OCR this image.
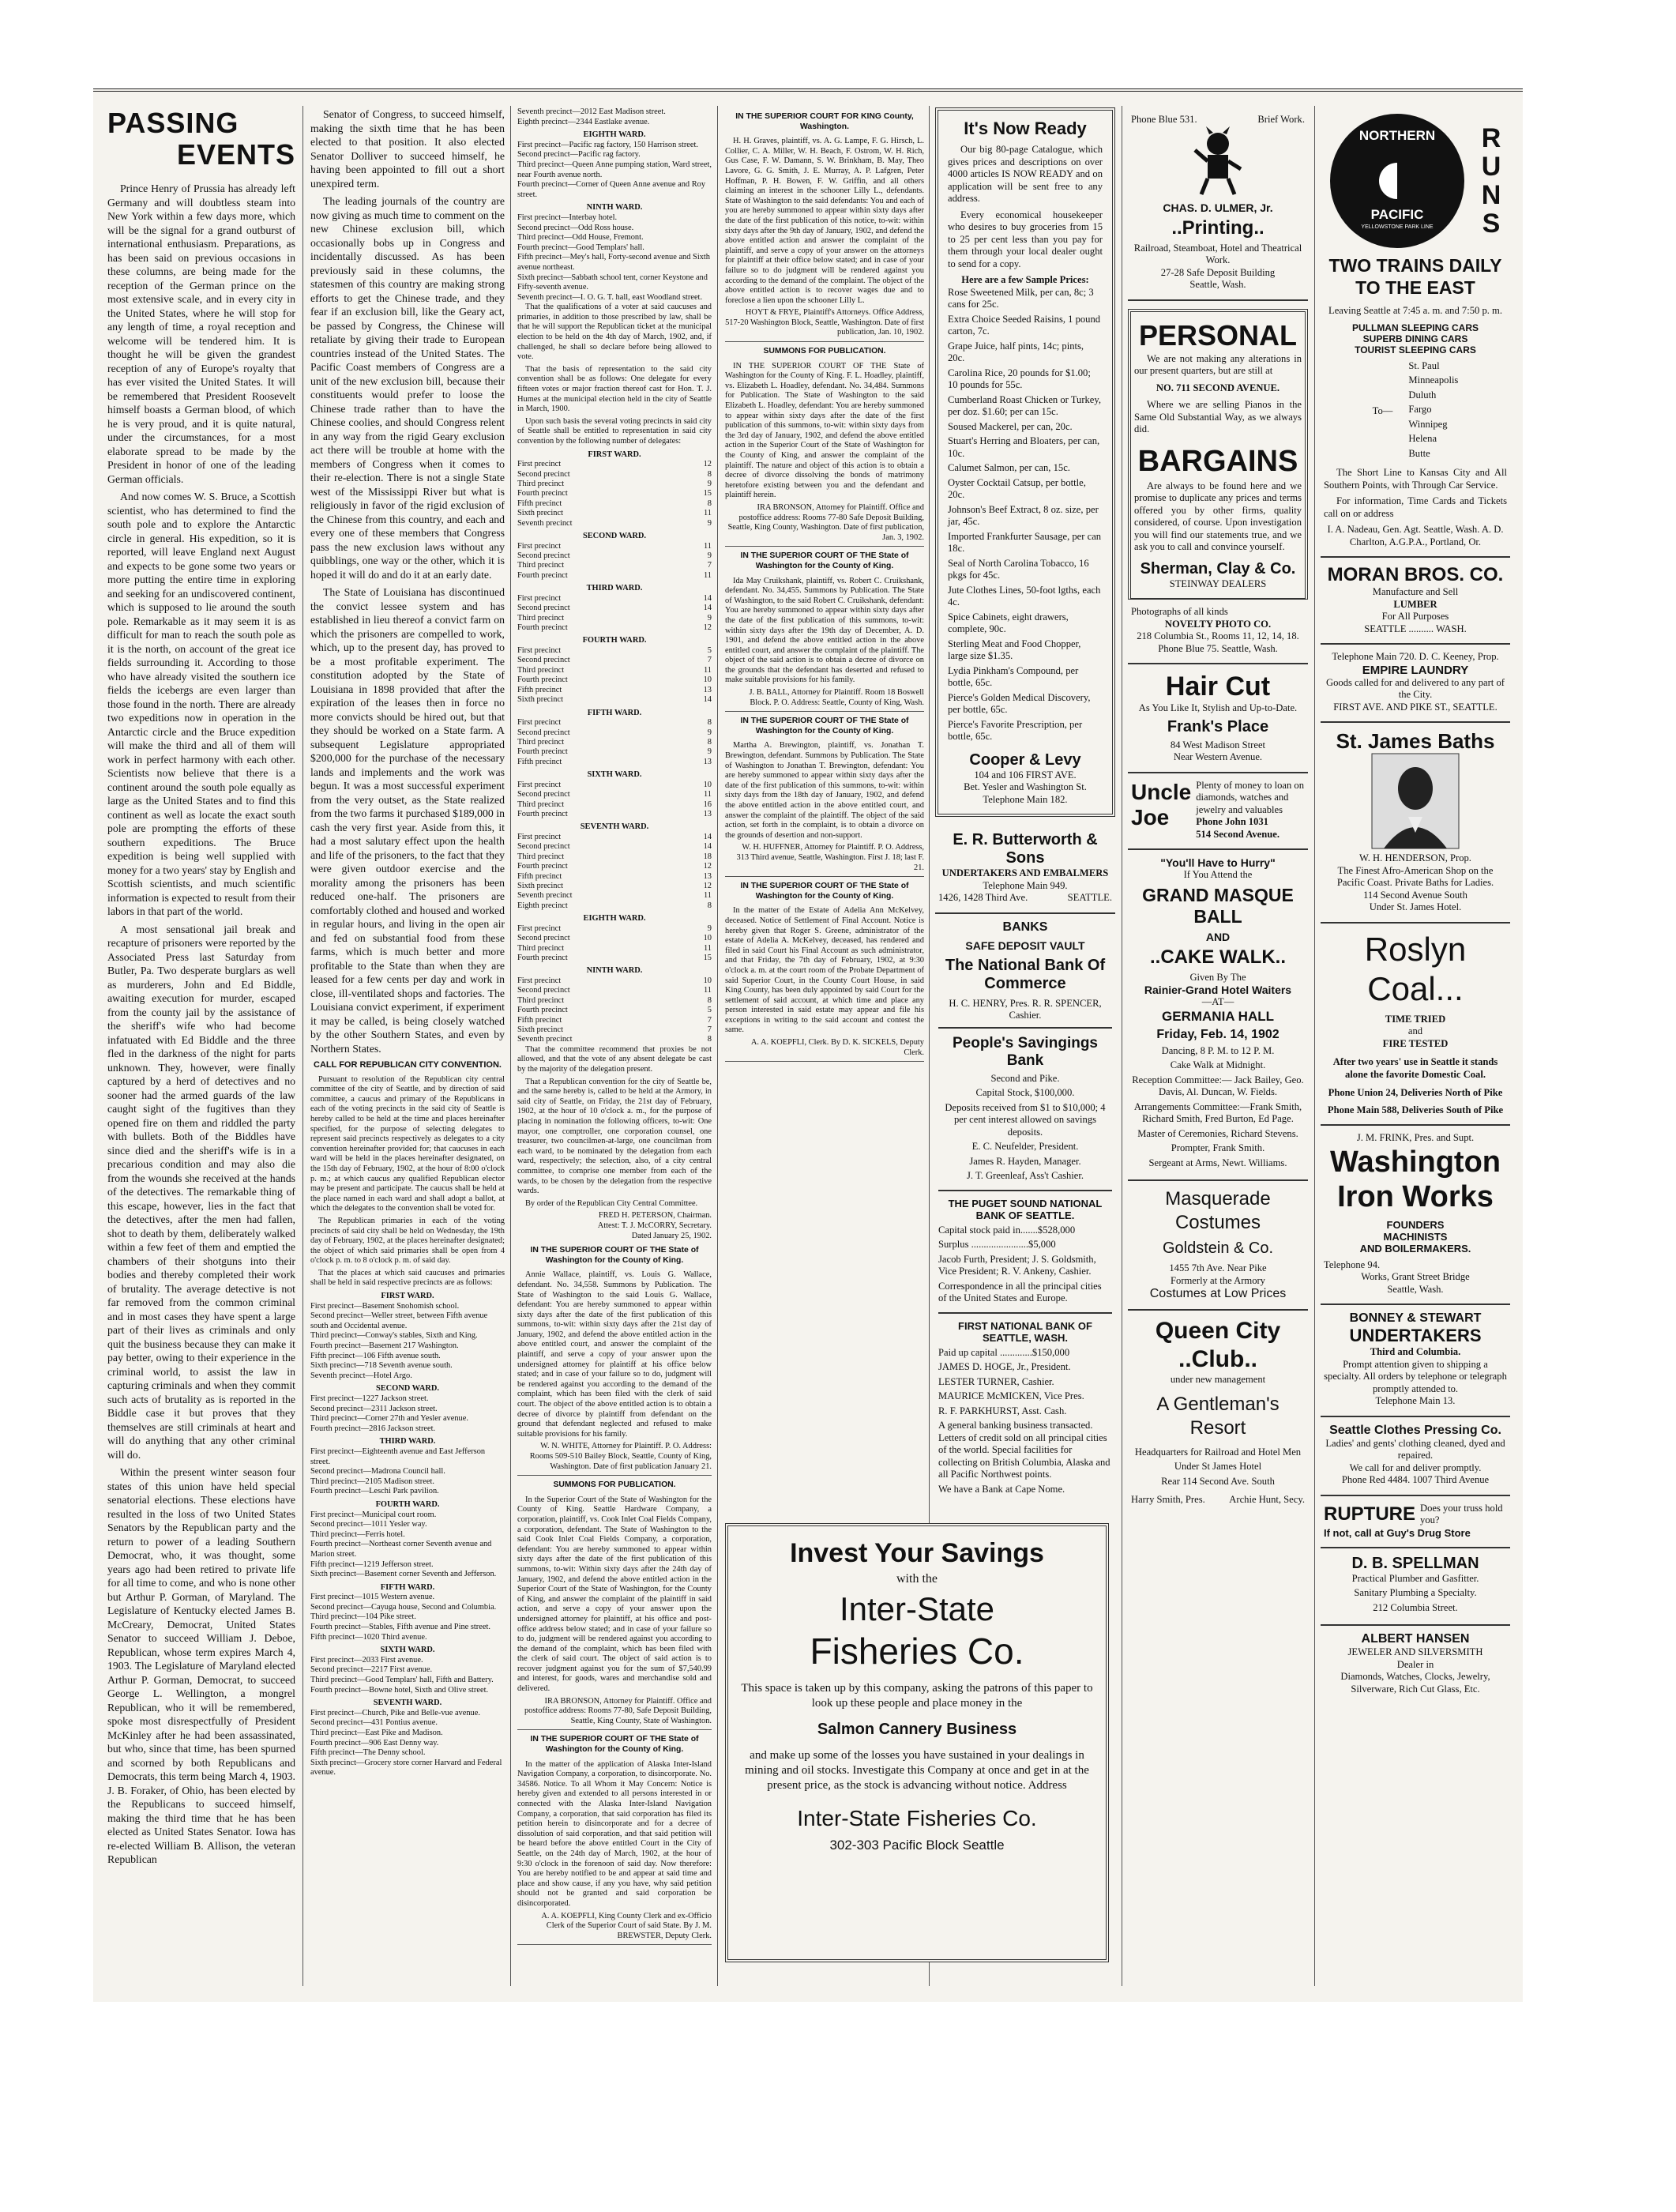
PASSING
EVENTS

Prince Henry of Prussia has already left Germany and will doubtless steam into New York within a few days more, which will be the signal for a grand outburst of international enthusiasm. Preparations, as has been said on previous occasions in these columns, are being made for the reception of the German prince on the most extensive scale, and in every city in the United States, where he will stop for any length of time, a royal reception and welcome will be tendered him. It is thought he will be given the grandest reception of any of Europe's royalty that has ever visited the United States. It will be remembered that President Roosevelt himself boasts a German blood, of which he is very proud, and it is quite natural, under the circumstances, for a most elaborate spread to be made by the President in honor of one of the leading German officials.

And now comes W. S. Bruce, a Scottish scientist, who has determined to find the south pole and to explore the Antarctic circle in general. His expedition, so it is reported, will leave England next August and expects to be gone some two years or more putting the entire time in exploring and seeking for an undiscovered continent, which is supposed to lie around the south pole. Remarkable as it may seem it is as difficult for man to reach the south pole as it is the north, on account of the great ice fields surrounding it. According to those who have already visited the southern ice fields the icebergs are even larger than those found in the north. There are already two expeditions now in operation in the Antarctic circle and the Bruce expedition will make the third and all of them will work in perfect harmony with each other. Scientists now believe that there is a continent around the south pole equally as large as the United States and to find this continent as well as locate the exact south pole are prompting the efforts of these southern expeditions. The Bruce expedition is being well supplied with money for a two years' stay by English and Scottish scientists, and much scientific information is expected to result from their labors in that part of the world.

A most sensational jail break and recapture of prisoners were reported by the Associated Press last Saturday from Butler, Pa. Two desperate burglars as well as murderers, John and Ed Biddle, awaiting execution for murder, escaped from the county jail by the assistance of the sheriff's wife who had become infatuated with Ed Biddle and the three fled in the darkness of the night for parts unknown. They, however, were finally captured by a herd of detectives and no sooner had the armed guards of the law caught sight of the fugitives than they opened fire on them and riddled the party with bullets. Both of the Biddles have since died and the sheriff's wife is in a precarious condition and may also die from the wounds she received at the hands of the detectives. The remarkable thing of this escape, however, lies in the fact that the detectives, after the men had fallen, shot to death by them, deliberately walked within a few feet of them and emptied the chambers of their shotguns into their bodies and thereby completed their work of brutality. The average detective is not far removed from the common criminal and in most cases they have spent a large part of their lives as criminals and only quit the business because they can make it pay better, owing to their experience in the criminal world, to assist the law in capturing criminals and when they commit such acts of brutality as is reported in the Biddle case it but proves that they themselves are still criminals at heart and will do anything that any other criminal will do.

Within the present winter season four states of this union have held special senatorial elections. These elections have resulted in the loss of two United States Senators by the Republican party and the return to power of a leading Southern Democrat, who, it was thought, some years ago had been retired to private life for all time to come, and who is none other but Arthur P. Gorman, of Maryland. The Legislature of Kentucky elected James B. McCreary, Democrat, United States Senator to succeed William J. Deboe, Republican, whose term expires March 4, 1903. The Legislature of Maryland elected Arthur P. Gorman, Democrat, to succeed George L. Wellington, a mongrel Republican, who it will be remembered, spoke most disrespectfully of President McKinley after he had been assassinated, but who, since that time, has been spurned and scorned by both Republicans and Democrats, this term being March 4, 1903. J. B. Foraker, of Ohio, has been elected by the Republicans to succeed himself, making the third time that he has been elected as United States Senator. Iowa has re-elected William B. Allison, the veteran Republican

Senator of Congress, to succeed himself, making the sixth time that he has been elected to that position. It also elected Senator Dolliver to succeed himself, he having been appointed to fill out a short unexpired term.

The leading journals of the country are now giving as much time to comment on the new Chinese exclusion bill, which occasionally bobs up in Congress and incidentally discussed. As has been previously said in these columns, the statesmen of this country are making strong efforts to get the Chinese trade, and they fear if an exclusion bill, like the Geary act, be passed by Congress, the Chinese will retaliate by giving their trade to European countries instead of the United States. The Pacific Coast members of Congress are a unit of the new exclusion bill, because their constituents would prefer to loose the Chinese trade rather than to have the Chinese coolies, and should Congress relent in any way from the rigid Geary exclusion act there will be trouble at home with the members of Congress when it comes to their re-election. There is not a single State west of the Mississippi River but what is religiously in favor of the rigid exclusion of the Chinese from this country, and each and every one of these members that Congress pass the new exclusion laws without any quibblings, one way or the other, which it is hoped it will do and do it at an early date.

The State of Louisiana has discontinued the convict lessee system and has established in lieu thereof a convict farm on which the prisoners are compelled to work, which, up to the present day, has proved to be a most profitable experiment. The constitution adopted by the State of Louisiana in 1898 provided that after the expiration of the leases then in force no more convicts should be hired out, but that they should be worked on a State farm. A subsequent Legislature appropriated $200,000 for the purchase of the necessary lands and implements and the work was begun. It was a most successful experiment from the very outset, as the State realized from the two farms it purchased $189,000 in cash the very first year. Aside from this, it had a most salutary effect upon the health and life of the prisoners, to the fact that they were given outdoor exercise and the morality among the prisoners has been reduced one-half. The prisoners are comfortably clothed and housed and worked in regular hours, and living in the open air and fed on substantial food from these farms, which is much better and more profitable to the State than when they are leased for a few cents per day and work in close, ill-ventilated shops and factories. The Louisiana convict experiment, if experiment it may be called, is being closely watched by the other Southern States, and even by Northern States.

CALL FOR REPUBLICAN CITY CONVENTION.

Pursuant to resolution of the Republican city central committee of the city of Seattle, and by direction of said committee, a caucus and primary of the Republicans in each of the voting precincts in the said city of Seattle is hereby called to be held at the time and places hereinafter specified, for the purpose of selecting delegates to represent said precincts respectively as delegates to a city convention hereinafter provided for; that caucuses in each ward will be held in the places hereinafter designated, on the 15th day of February, 1902, at the hour of 8:00 o'clock p. m.; at which caucus any qualified Republican elector may be present and participate. The caucus shall be held at the place named in each ward and shall adopt a ballot, at which the delegates to the convention shall be voted for.

The Republican primaries in each of the voting precincts of said city shall be held on Wednesday, the 19th day of February, 1902, at the places hereinafter designated; the object of which said primaries shall be open from 4 o'clock p. m. to 8 o'clock p. m. of said day.

That the places at which said caucuses and primaries shall be held in said respective precincts are as follows:

FIRST WARD.
First precinct—Basement Snohomish school.
Second precinct—Weller street, between Fifth avenue south and Occidental avenue.
Third precinct—Conway's stables, Sixth and King.
Fourth precinct—Basement 217 Washington.
Fifth precinct—106 Fifth avenue south.
Sixth precinct—718 Seventh avenue south.
Seventh precinct—Hotel Argo.
SECOND WARD.
First precinct—1227 Jackson street.
Second precinct—2311 Jackson street.
Third precinct—Corner 27th and Yesler avenue.
Fourth precinct—2816 Jackson street.
THIRD WARD.
First precinct—Eighteenth avenue and East Jefferson street.
Second precinct—Madrona Council hall.
Third precinct—2105 Madison street.
Fourth precinct—Leschi Park pavilion.
FOURTH WARD.
First precinct—Municipal court room.
Second precinct—1011 Yesler way.
Third precinct—Ferris hotel.
Fourth precinct—Northeast corner Seventh avenue and Marion street.
Fifth precinct—1219 Jefferson street.
Sixth precinct—Basement corner Seventh and Jefferson.
FIFTH WARD.
First precinct—1015 Western avenue.
Second precinct—Cayuga house, Second and Columbia.
Third precinct—104 Pike street.
Fourth precinct—Stables, Fifth avenue and Pine street.
Fifth precinct—1020 Third avenue.
SIXTH WARD.
First precinct—2033 First avenue.
Second precinct—2217 First avenue.
Third precinct—Good Templars' hall, Fifth and Battery.
Fourth precinct—Bowne hotel, Sixth and Olive street.
SEVENTH WARD.
First precinct—Church, Pike and Belle-vue avenue.
Second precinct—431 Pontius avenue.
Third precinct—East Pike and Madison.
Fourth precinct—906 East Denny way.
Fifth precinct—The Denny school.
Sixth precinct—Grocery store corner Harvard and Federal avenue.
Seventh precinct—2012 East Madison street.
Eighth precinct—2344 Eastlake avenue.
EIGHTH WARD.
First precinct—Pacific rag factory, 150 Harrison street.
Second precinct—Pacific rag factory.
Third precinct—Queen Anne pumping station, Ward street, near Fourth avenue north.
Fourth precinct—Corner of Queen Anne avenue and Roy street.
NINTH WARD.
First precinct—Interbay hotel.
Second precinct—Odd Ross house.
Third precinct—Odd House, Fremont.
Fourth precinct—Good Templars' hall.
Fifth precinct—Mey's hall, Forty-second avenue and Sixth avenue northeast.
Sixth precinct—Sabbath school tent, corner Keystone and Fifty-seventh avenue.
Seventh precinct—I. O. G. T. hall, east Woodland street.

That the qualifications of a voter at said caucuses and primaries, in addition to those prescribed by law, shall be that he will support the Republican ticket at the municipal election to be held on the 4th day of March, 1902, and, if challenged, he shall so declare before being allowed to vote.

That the basis of representation to the said city convention shall be as follows: One delegate for every fifteen votes or major fraction thereof cast for Hon. T. J. Humes at the municipal election held in the city of Seattle in March, 1900.

Upon such basis the several voting precincts in said city of Seattle shall be entitled to representation in said city convention by the following number of delegates:

FIRST WARD.
First precinct	12
Second precinct	8
Third precinct	9
Fourth precinct	15
Fifth precinct	8
Sixth precinct	11
Seventh precinct	9
SECOND WARD.
First precinct	11
Second precinct	9
Third precinct	7
Fourth precinct	11
THIRD WARD.
First precinct	14
Second precinct	14
Third precinct	9
Fourth precinct	12
FOURTH WARD.
First precinct	5
Second precinct	7
Third precinct	11
Fourth precinct	10
Fifth precinct	13
Sixth precinct	14
FIFTH WARD.
First precinct	8
Second precinct	9
Third precinct	8
Fourth precinct	9
Fifth precinct	13
SIXTH WARD.
First precinct	10
Second precinct	11
Third precinct	16
Fourth precinct	13
SEVENTH WARD.
First precinct	14
Second precinct	14
Third precinct	18
Fourth precinct	12
Fifth precinct	13
Sixth precinct	12
Seventh precinct	11
Eighth precinct	8
EIGHTH WARD.
First precinct	9
Second precinct	10
Third precinct	11
Fourth precinct	15
NINTH WARD.
First precinct	10
Second precinct	11
Third precinct	8
Fourth precinct	5
Fifth precinct	7
Sixth precinct	7
Seventh precinct	8

That the committee recommend that proxies be not allowed, and that the vote of any absent delegate be cast by the majority of the delegation present.

That a Republican convention for the city of Seattle be, and the same hereby is, called to be held at the Armory, in said city of Seattle, on Friday, the 21st day of February, 1902, at the hour of 10 o'clock a. m., for the purpose of placing in nomination the following officers, to-wit: One mayor, one comptroller, one corporation counsel, one treasurer, two councilmen-at-large, one councilman from each ward, to be nominated by the delegation from each ward, respectively; the selection, also, of a city central committee, to comprise one member from each of the wards, to be chosen by the delegation from the respective wards.

By order of the Republican City Central Committee.

FRED H. PETERSON, Chairman.
Attest: T. J. McCORRY, Secretary.
Dated January 25, 1902.
IN THE SUPERIOR COURT OF THE State of Washington for the County of King.

Annie Wallace, plaintiff, vs. Louis G. Wallace, defendant. No. 34,558. Summons by Publication. The State of Washington to the said Louis G. Wallace, defendant: You are hereby summoned to appear within sixty days after the date of the first publication of this summons, to-wit: within sixty days after the 21st day of January, 1902, and defend the above entitled action in the above entitled court, and answer the complaint of the plaintiff, and serve a copy of your answer upon the undersigned attorney for plaintiff at his office below stated; and in case of your failure so to do, judgment will be rendered against you according to the demand of the complaint, which has been filed with the clerk of said court. The object of the above entitled action is to obtain a decree of divorce by plaintiff from defendant on the ground that defendant neglected and refused to make suitable provisions for his family.

W. N. WHITE, Attorney for Plaintiff. P. O. Address: Rooms 509-510 Bailey Block, Seattle, County of King, Washington. Date of first publication January 21.

SUMMONS FOR PUBLICATION.

In the Superior Court of the State of Washington for the County of King. Seattle Hardware Company, a corporation, plaintiff, vs. Cook Inlet Coal Fields Company, a corporation, defendant. The State of Washington to the said Cook Inlet Coal Fields Company, a corporation, defendant: You are hereby summoned to appear within sixty days after the date of the first publication of this summons, to-wit: Within sixty days after the 24th day of January, 1902, and defend the above entitled action in the Superior Court of the State of Washington, for the County of King, and answer the complaint of the plaintiff in said action, and serve a copy of your answer upon the undersigned attorney for plaintiff, at his office and post-office address below stated; and in case of your failure so to do, judgment will be rendered against you according to the demand of the complaint, which has been filed with the clerk of said court. The object of said action is to recover judgment against you for the sum of $7,540.99 and interest, for goods, wares and merchandise sold and delivered.

IRA BRONSON, Attorney for Plaintiff. Office and postoffice address: Rooms 77-80, Safe Deposit Building, Seattle, King County, State of Washington.

IN THE SUPERIOR COURT OF THE State of Washington for the County of King.

In the matter of the application of Alaska Inter-Island Navigation Company, a corporation, to disincorporate. No. 34586. Notice. To all Whom it May Concern: Notice is hereby given and extended to all persons interested in or connected with the Alaska Inter-Island Navigation Company, a corporation, that said corporation has filed its petition herein to disincorporate and for a decree of dissolution of said corporation, and that said petition will be heard before the above entitled Court in the City of Seattle, on the 24th day of March, 1902, at the hour of 9:30 o'clock in the forenoon of said day. Now therefore: You are hereby notified to be and appear at said time and place and show cause, if any you have, why said petition should not be granted and said corporation be disincorporated.

A. A. KOEPFLI, King County Clerk and ex-Officio Clerk of the Superior Court of said State. By J. M. BREWSTER, Deputy Clerk.

IN THE SUPERIOR COURT FOR KING County, Washington.

H. H. Graves, plaintiff, vs. A. G. Lampe, F. G. Hirsch, L. Collier, C. A. Miller, W. H. Beach, F. Ostrom, W. H. Rich, Gus Case, F. W. Damann, S. W. Brinkham, B. May, Theo Lavore, G. G. Smith, J. E. Murray, A. P. Lafgren, Peter Hoffman, P. H. Bowen, F. W. Griffin, and all others claiming an interest in the schooner Lilly L., defendants. State of Washington to the said defendants: You and each of you are hereby summoned to appear within sixty days after the date of the first publication of this notice, to-wit: within sixty days after the 9th day of January, 1902, and defend the above entitled action and answer the complaint of the plaintiff, and serve a copy of your answer on the attorneys for plaintiff at their office below stated; and in case of your failure so to do judgment will be rendered against you according to the demand of the complaint. The object of the above entitled action is to recover wages due and to foreclose a lien upon the schooner Lilly L.

HOYT & FRYE, Plaintiff's Attorneys. Office Address, 517-20 Washington Block, Seattle, Washington. Date of first publication, Jan. 10, 1902.

SUMMONS FOR PUBLICATION.

IN THE SUPERIOR COURT OF THE State of Washington for the County of King. F. L. Hoadley, plaintiff, vs. Elizabeth L. Hoadley, defendant. No. 34,484. Summons for Publication. The State of Washington to the said Elizabeth L. Hoadley, defendant: You are hereby summoned to appear within sixty days after the date of the first publication of this summons, to-wit: within sixty days from the 3rd day of January, 1902, and defend the above entitled action in the Superior Court of the State of Washington for the County of King, and answer the complaint of the plaintiff. The nature and object of this action is to obtain a decree of divorce dissolving the bonds of matrimony heretofore existing between you and the defendant and plaintiff herein.

IRA BRONSON, Attorney for Plaintiff. Office and postoffice address: Rooms 77-80 Safe Deposit Building, Seattle, King County, Washington. Date of first publication, Jan. 3, 1902.

IN THE SUPERIOR COURT OF THE State of Washington for the County of King.

Ida May Cruikshank, plaintiff, vs. Robert C. Cruikshank, defendant. No. 34,455. Summons by Publication. The State of Washington, to the said Robert C. Cruikshank, defendant: You are hereby summoned to appear within sixty days after the date of the first publication of this summons, to-wit: within sixty days after the 19th day of December, A. D. 1901, and defend the above entitled action in the above entitled court, and answer the complaint of the plaintiff. The object of the said action is to obtain a decree of divorce on the grounds that the defendant has deserted and refused to make suitable provisions for his family.

J. B. BALL, Attorney for Plaintiff. Room 18 Boswell Block. P. O. Address: Seattle, County of King, Wash.

IN THE SUPERIOR COURT OF THE State of Washington for the County of King.

Martha A. Brewington, plaintiff, vs. Jonathan T. Brewington, defendant. Summons by Publication. The State of Washington to Jonathan T. Brewington, defendant: You are hereby summoned to appear within sixty days after the date of the first publication of this summons, to-wit: within sixty days from the 18th day of January, 1902, and defend the above entitled action in the above entitled court, and answer the complaint of the plaintiff. The object of the said action, set forth in the complaint, is to obtain a divorce on the grounds of desertion and non-support.

W. H. HUFFNER, Attorney for Plaintiff. P. O. Address, 313 Third avenue, Seattle, Washington. First J. 18; last F. 21.

IN THE SUPERIOR COURT OF THE State of Washington for the County of King.

In the matter of the Estate of Adelia Ann McKelvey, deceased. Notice of Settlement of Final Account. Notice is hereby given that Roger S. Greene, administrator of the estate of Adelia A. McKelvey, deceased, has rendered and filed in said Court his Final Account as such administrator, and that Friday, the 7th day of February, 1902, at 9:30 o'clock a. m. at the court room of the Probate Department of said Superior Court, in the County Court House, in said King County, has been duly appointed by said Court for the settlement of said account, at which time and place any person interested in said estate may appear and file his exceptions in writing to the said account and contest the same.

A. A. KOEPFLI, Clerk. By D. K. SICKELS, Deputy Clerk.

Invest Your Savings
with the
Inter-State
Fisheries Co.
This space is taken up by this company, asking the patrons of this paper to look up these people and place money in the
Salmon Cannery Business
and make up some of the losses you have sustained in your dealings in mining and oil stocks. Investigate this Company at once and get in at the present price, as the stock is advancing without notice. Address
Inter-State Fisheries Co.
302-303 Pacific Block Seattle
It's Now Ready

Our big 80-page Catalogue, which gives prices and descriptions on over 4000 articles IS NOW READY and on application will be sent free to any address.

Every economical housekeeper who desires to buy groceries from 15 to 25 per cent less than you pay for them through your local dealer ought to send for a copy.

Here are a few Sample Prices:
Rose Sweetened Milk, per can, 8c; 3 cans for 25c.
Extra Choice Seeded Raisins, 1 pound carton, 7c.
Grape Juice, half pints, 14c; pints, 20c.
Carolina Rice, 20 pounds for $1.00; 10 pounds for 55c.
Cumberland Roast Chicken or Turkey, per doz. $1.60; per can 15c.
Soused Mackerel, per can, 20c.
Stuart's Herring and Bloaters, per can, 10c.
Calumet Salmon, per can, 15c.
Oyster Cocktail Catsup, per bottle, 20c.
Johnson's Beef Extract, 8 oz. size, per jar, 45c.
Imported Frankfurter Sausage, per can 18c.
Seal of North Carolina Tobacco, 16 pkgs for 45c.
Jute Clothes Lines, 50-foot lgths, each 4c.
Spice Cabinets, eight drawers, complete, 90c.
Sterling Meat and Food Chopper, large size $1.35.
Lydia Pinkham's Compound, per bottle, 65c.
Pierce's Golden Medical Discovery, per bottle, 65c.
Pierce's Favorite Prescription, per bottle, 65c.
Cooper & Levy
104 and 106 FIRST AVE.
Bet. Yesler and Washington St.
Telephone Main 182.
E. R. Butterworth & Sons
UNDERTAKERS AND EMBALMERS
Telephone Main 949.
1426, 1428 Third Ave.	SEATTLE.
BANKS
SAFE DEPOSIT VAULT
The National Bank Of Commerce
H. C. HENRY, Pres. R. R. SPENCER, Cashier.
People's Savingings Bank
Second and Pike.
Capital Stock, $100,000.
Deposits received from $1 to $10,000; 4 per cent interest allowed on savings deposits.
E. C. Neufelder, President.
James R. Hayden, Manager.
J. T. Greenleaf, Ass't Cashier.
THE PUGET SOUND NATIONAL BANK OF SEATTLE.
Capital stock paid in.......$528,000
Surplus .......................$5,000
Jacob Furth, President; J. S. Goldsmith, Vice President; R. V. Ankeny, Cashier.
Correspondence in all the principal cities of the United States and Europe.
FIRST NATIONAL BANK OF SEATTLE, WASH.
Paid up capital .............$150,000
JAMES D. HOGE, Jr., President.
LESTER TURNER, Cashier.
MAURICE McMICKEN, Vice Pres.
R. F. PARKHURST, Asst. Cash.
A general banking business transacted. Letters of credit sold on all principal cities of the world. Special facilities for collecting on British Columbia, Alaska and all Pacific Northwest points.
We have a Bank at Cape Nome.
Phone Blue 531.	Brief Work.
CHAS. D. ULMER, Jr.
..Printing..
Railroad, Steamboat, Hotel and Theatrical Work.
27-28 Safe Deposit Building
Seattle, Wash.
PERSONAL

We are not making any alterations in our present quarters, but are still at

NO. 711 SECOND AVENUE.

Where we are selling Pianos in the Same Old Substantial Way, as we always did.

BARGAINS

Are always to be found here and we promise to duplicate any prices and terms offered you by other firms, quality considered, of course. Upon investigation you will find our statements true, and we ask you to call and convince yourself.

Sherman, Clay & Co.
STEINWAY DEALERS
Photographs of all kinds
NOVELTY PHOTO CO.
218 Columbia St., Rooms 11, 12, 14, 18.
Phone Blue 75. Seattle, Wash.
Hair Cut
As You Like It, Stylish and Up-to-Date.
Frank's Place
84 West Madison Street
Near Western Avenue.
Uncle Joe
Plenty of money to loan on diamonds, watches and jewelry and valuables
Phone John 1031
514 Second Avenue.
"You'll Have to Hurry"
If You Attend the
GRAND MASQUE BALL
AND
..CAKE WALK..
Given By The
Rainier-Grand Hotel Waiters
—AT—
GERMANIA HALL
Friday, Feb. 14, 1902
Dancing, 8 P. M. to 12 P. M.
Cake Walk at Midnight.
Reception Committee:— Jack Bailey, Geo. Davis, Al. Duncan, W. Fields.
Arrangements Committee:—Frank Smith, Richard Smith, Fred Burton, Ed Page.
Master of Ceremonies, Richard Stevens.
Prompter, Frank Smith.
Sergeant at Arms, Newt. Williams.
Masquerade Costumes
Goldstein & Co.
1455 7th Ave. Near Pike
Formerly at the Armory
Costumes at Low Prices
Queen City ..Club..
under new management
A Gentleman's Resort
Headquarters for Railroad and Hotel Men
Under St James Hotel
Rear 114 Second Ave. South
Harry Smith, Pres. Archie Hunt, Secy.
NORTHERN
PACIFIC
YELLOWSTONE PARK LINE
RUNS
TWO TRAINS DAILY TO THE EAST
Leaving Seattle at 7:45 a. m. and 7:50 p. m.
PULLMAN SLEEPING CARS
SUPERB DINING CARS
TOURIST SLEEPING CARS
To—
St. Paul
Minneapolis
Duluth
Fargo
Winnipeg
Helena
Butte

The Short Line to Kansas City and All Southern Points, with Through Car Service.

For information, Time Cards and Tickets call on or address

I. A. Nadeau, Gen. Agt. Seattle, Wash. A. D. Charlton, A.G.P.A., Portland, Or.
MORAN BROS. CO.
Manufacture and Sell
LUMBER
For All Purposes
SEATTLE .......... WASH.
Telephone Main 720. D. C. Keeney, Prop.
EMPIRE LAUNDRY
Goods called for and delivered to any part of the City.
FIRST AVE. AND PIKE ST., SEATTLE.
St. James Baths
W. H. HENDERSON, Prop.
The Finest Afro-American Shop on the Pacific Coast. Private Baths for Ladies.
114 Second Avenue South
Under St. James Hotel.
Roslyn
Coal...
TIME TRIED
and
FIRE TESTED
After two years' use in Seattle it stands alone the favorite Domestic Coal.
Phone Union 24, Deliveries North of Pike
Phone Main 588, Deliveries South of Pike
J. M. FRINK, Pres. and Supt.
Washington
Iron Works
FOUNDERS
MACHINISTS
AND BOILERMAKERS.
Telephone 94.
Works, Grant Street Bridge
Seattle, Wash.
BONNEY & STEWART
UNDERTAKERS
Third and Columbia.
Prompt attention given to shipping a specialty. All orders by telephone or telegraph promptly attended to.
Telephone Main 13.
Seattle Clothes Pressing Co.
Ladies' and gents' clothing cleaned, dyed and repaired.
We call for and deliver promptly.
Phone Red 4484. 1007 Third Avenue
RUPTURE Does your truss hold you?
If not, call at Guy's Drug Store
D. B. SPELLMAN
Practical Plumber and Gasfitter.
Sanitary Plumbing a Specialty.
212 Columbia Street.
ALBERT HANSEN
JEWELER AND SILVERSMITH
Dealer in
Diamonds, Watches, Clocks, Jewelry, Silverware, Rich Cut Glass, Etc.
